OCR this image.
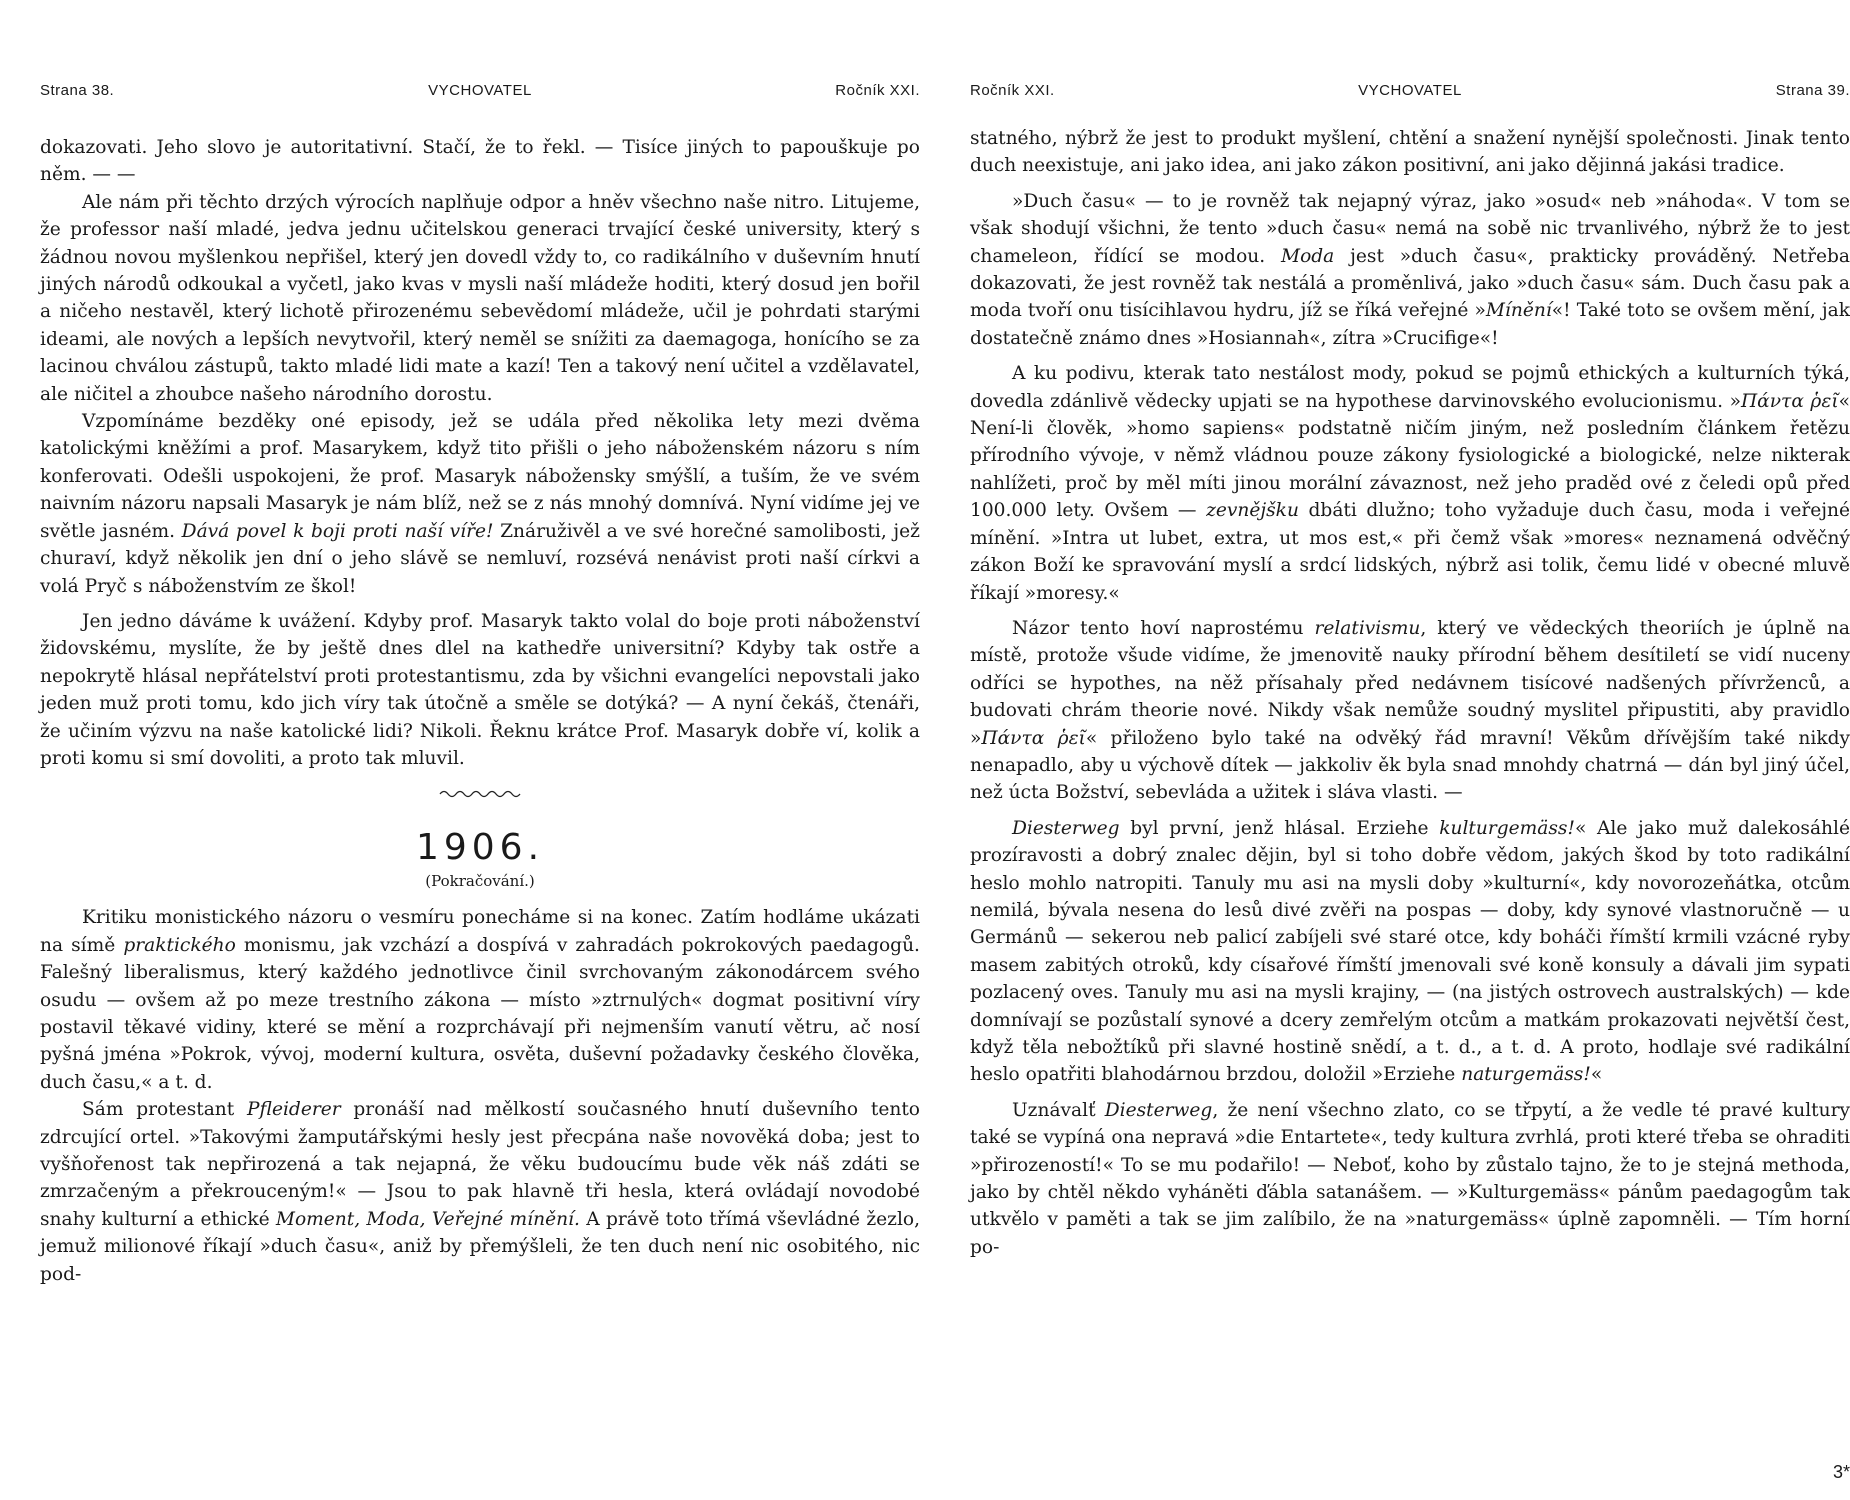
Strana 38.	VYCHOVATEL	Ročník XXI.

dokazovati. Jeho slovo je autoritativní. Stačí, že to řekl. — Tisíce jiných to papouškuje po něm. — —

Ale nám při těchto drzých výrocích naplňuje odpor a hněv všechno naše nitro. Litujeme, že professor naší mladé, jedva jednu učitelskou generaci trvající české university, který s žádnou novou myšlenkou nepřišel, který jen dovedl vždy to, co radikálního v duševním hnutí jiných národů odkoukal a vyčetl, jako kvas v mysli naší mládeže hoditi, který dosud jen bořil a ničeho nestavěl, který lichotě přirozenému sebevědomí mládeže, učil je pohrdati starými ideami, ale nových a lepších nevytvořil, který neměl se snížiti za daemagoga, honícího se za lacinou chválou zástupů, takto mladé lidi mate a kazí! Ten a takový není učitel a vzdělavatel, ale ničitel a zhoubce našeho národního dorostu.

Vzpomínáme bezděky oné episody, jež se udála před několika lety mezi dvěma katolickými kněžími a prof. Masarykem, když tito přišli o jeho náboženském názoru s ním konferovati. Odešli uspokojeni, že prof. Masaryk nábožensky smýšlí, a tuším, že ve svém naivním názoru napsali Masaryk je nám blíž, než se z nás mnohý domnívá. Nyní vidíme jej ve světle jasném. Dává povel k boji proti naší víře! Znáruživěl a ve své horečné samolibosti, jež churaví, když několik jen dní o jeho slávě se nemluví, rozsévá nenávist proti naší církvi a volá Pryč s náboženstvím ze škol!

Jen jedno dáváme k uvážení. Kdyby prof. Masaryk takto volal do boje proti náboženství židovskému, myslíte, že by ještě dnes dlel na kathedře universitní? Kdyby tak ostře a nepokrytě hlásal nepřátelství proti protestantismu, zda by všichni evangelíci nepovstali jako jeden muž proti tomu, kdo jich víry tak útočně a směle se dotýká? — A nyní čekáš, čtenáři, že učiním výzvu na naše katolické lidi? Nikoli. Řeknu krátce Prof. Masaryk dobře ví, kolik a proti komu si smí dovoliti, a proto tak mluvil.

1906.
(Pokračování.)

Kritiku monistického názoru o vesmíru ponecháme si na konec. Zatím hodláme ukázati na símě praktického monismu, jak vzchází a dospívá v zahradách pokrokových paedagogů. Falešný liberalismus, který každého jednotlivce činil svrchovaným zákonodárcem svého osudu — ovšem až po meze trestního zákona — místo »ztrnulých« dogmat positivní víry postavil těkavé vidiny, které se mění a rozprchávají při nejmenším vanutí větru, ač nosí pyšná jména »Pokrok, vývoj, moderní kultura, osvěta, duševní požadavky českého člověka, duch času,« a t. d.

Sám protestant Pfleiderer pronáší nad mělkostí současného hnutí duševního tento zdrcující ortel. »Takovými žamputářskými hesly jest přecpána naše novověká doba; jest to vyšňořenost tak nepřirozená a tak nejapná, že věku budoucímu bude věk náš zdáti se zmrzačeným a překrouceným!« — Jsou to pak hlavně tři hesla, která ovládají novodobé snahy kulturní a ethické Moment, Moda, Veřejné mínění. A právě toto třímá vševládné žezlo, jemuž milionové říkají »duch času«, aniž by přemýšleli, že ten duch není nic osobitého, nic pod-

Ročník XXI.	VYCHOVATEL	Strana 39.

statného, nýbrž že jest to produkt myšlení, chtění a snažení nynější společnosti. Jinak tento duch neexistuje, ani jako idea, ani jako zákon positivní, ani jako dějinná jakási tradice.

»Duch času« — to je rovněž tak nejapný výraz, jako »osud« neb »náhoda«. V tom se však shodují všichni, že tento »duch času« nemá na sobě nic trvanlivého, nýbrž že to jest chameleon, řídící se modou. Moda jest »duch času«, prakticky prováděný. Netřeba dokazovati, že jest rovněž tak nestálá a proměnlivá, jako »duch času« sám. Duch času pak a moda tvoří onu tisícihlavou hydru, jíž se říká veřejné »Mínění«! Také toto se ovšem mění, jak dostatečně známo dnes »Hosiannah«, zítra »Crucifige«!

A ku podivu, kterak tato nestálost mody, pokud se pojmů ethických a kulturních týká, dovedla zdánlivě vědecky upjati se na hypothese darvinovského evolucionismu. »Πάντα ῥεῖ« Není-li člověk, »homo sapiens« podstatně ničím jiným, než posledním článkem řetězu přírodního vývoje, v němž vládnou pouze zákony fysiologické a biologické, nelze nikterak nahlížeti, proč by měl míti jinou morální závaznost, než jeho praděd ové z čeledi opů před 100.000 lety. Ovšem — zevnějšku dbáti dlužno; toho vyžaduje duch času, moda i veřejné mínění. »Intra ut lubet, extra, ut mos est,« při čemž však »mores« neznamená odvěčný zákon Boží ke spravování myslí a srdcí lidských, nýbrž asi tolik, čemu lidé v obecné mluvě říkají »moresy.«

Názor tento hoví naprostému relativismu, který ve vědeckých theoriích je úplně na místě, protože všude vidíme, že jmenovitě nauky přírodní během desítiletí se vidí nuceny odříci se hypothes, na něž přísahaly před nedávnem tisícové nadšených přívrženců, a budovati chrám theorie nové. Nikdy však nemůže soudný myslitel připustiti, aby pravidlo »Πάντα ῥεῖ« přiloženo bylo také na odvěký řád mravní! Věkům dřívějším také nikdy nenapadlo, aby u výchově dítek — jakkoliv ěk byla snad mnohdy chatrná — dán byl jiný účel, než úcta Božství, sebevláda a užitek i sláva vlasti. —

Diesterweg byl první, jenž hlásal. Erziehe kulturgemäss!« Ale jako muž dalekosáhlé prozíravosti a dobrý znalec dějin, byl si toho dobře vědom, jakých škod by toto radikální heslo mohlo natropiti. Tanuly mu asi na mysli doby »kulturní«, kdy novorozeňátka, otcům nemilá, bývala nesena do lesů divé zvěři na pospas — doby, kdy synové vlastnoručně — u Germánů — sekerou neb palicí zabíjeli své staré otce, kdy boháči římští krmili vzácné ryby masem zabitých otroků, kdy císařové římští jmenovali své koně konsuly a dávali jim sypati pozlacený oves. Tanuly mu asi na mysli krajiny, — (na jistých ostrovech australských) — kde domnívají se pozůstalí synové a dcery zemřelým otcům a matkám prokazovati největší čest, když těla nebožtíků při slavné hostině snědí, a t. d., a t. d. A proto, hodlaje své radikální heslo opatřiti blahodárnou brzdou, doložil »Erziehe naturgemäss!«

Uznávalť Diesterweg, že není všechno zlato, co se třpytí, a že vedle té pravé kultury také se vypíná ona nepravá »die Entartete«, tedy kultura zvrhlá, proti které třeba se ohraditi »přirozeností!« To se mu podařilo! — Neboť, koho by zůstalo tajno, že to je stejná methoda, jako by chtěl někdo vyháněti ďábla satanášem. — »Kulturgemäss« pánům paedagogům tak utkvělo v paměti a tak se jim zalíbilo, že na »naturgemäss« úplně zapomněli. — Tím horní po-

3*
